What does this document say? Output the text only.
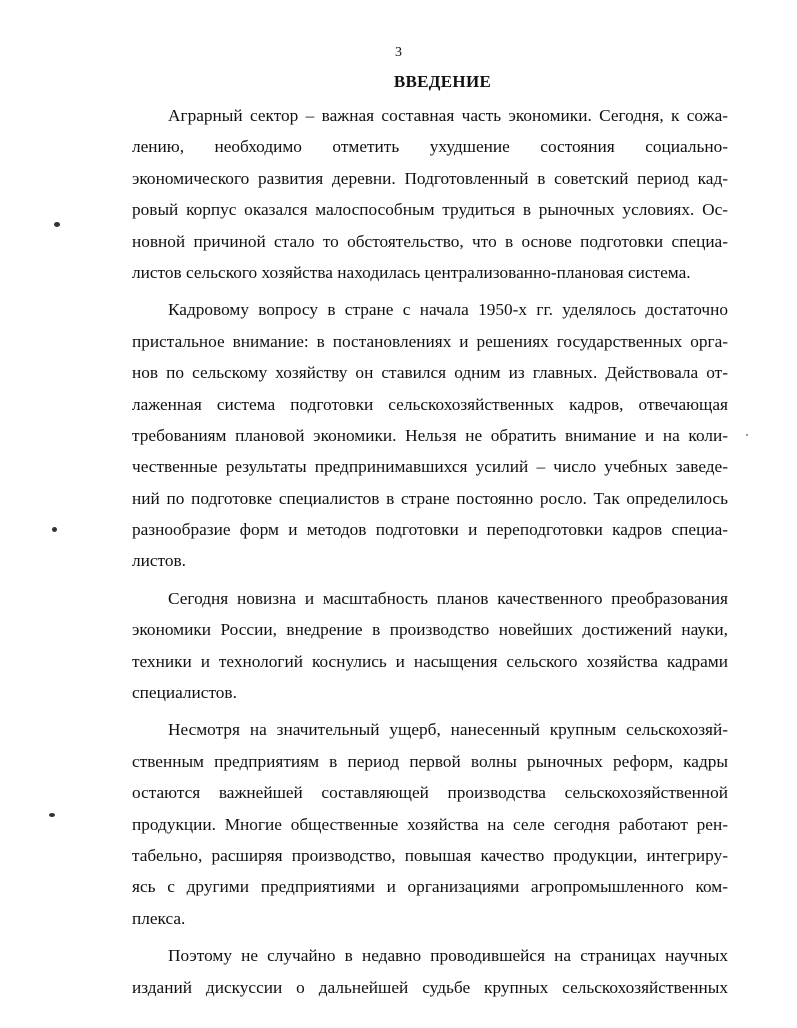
3
ВВЕДЕНИЕ
Аграрный сектор – важная составная часть экономики. Сегодня, к сожа-
лению, необходимо отметить ухудшение состояния социально-
экономического развития деревни. Подготовленный в советский период кад-
ровый корпус оказался малоспособным трудиться в рыночных условиях. Ос-
новной причиной стало то обстоятельство, что в основе подготовки специа-
листов сельского хозяйства находилась централизованно-плановая система.
Кадровому вопросу в стране с начала 1950-х гг. уделялось достаточно
пристальное внимание: в постановлениях и решениях государственных орга-
нов по сельскому хозяйству он ставился одним из главных. Действовала от-
лаженная система подготовки сельскохозяйственных кадров, отвечающая
требованиям плановой экономики. Нельзя не обратить внимание и на коли-
чественные результаты предпринимавшихся усилий – число учебных заведе-
ний по подготовке специалистов в стране постоянно росло. Так определилось
разнообразие форм и методов подготовки и переподготовки кадров специа-
листов.
Сегодня новизна и масштабность планов качественного преобразования
экономики России, внедрение в производство новейших достижений науки,
техники и технологий коснулись и насыщения сельского хозяйства кадрами
специалистов.
Несмотря на значительный ущерб, нанесенный крупным сельскохозяй-
ственным предприятиям в период первой волны рыночных реформ, кадры
остаются важнейшей составляющей производства сельскохозяйственной
продукции. Многие общественные хозяйства на селе сегодня работают рен-
табельно, расширяя производство, повышая качество продукции, интегриру-
ясь с другими предприятиями и организациями агропромышленного ком-
плекса.
Поэтому не случайно в недавно проводившейся на страницах научных
изданий дискуссии о дальнейшей судьбе крупных сельскохозяйственных
